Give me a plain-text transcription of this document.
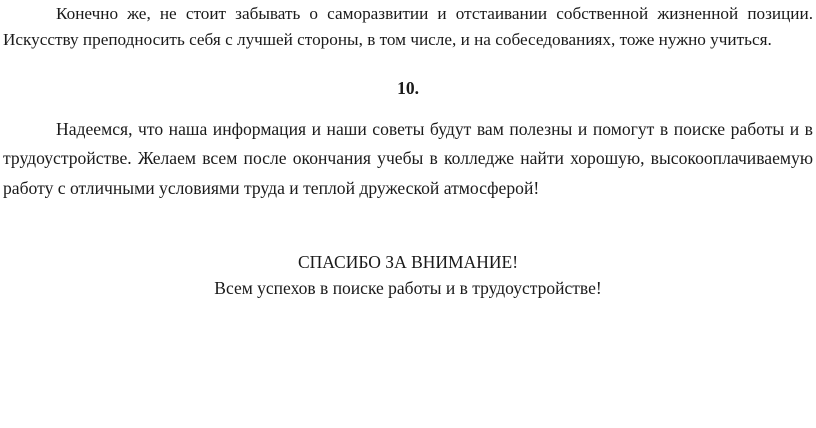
Конечно же, не стоит забывать о саморазвитии и отстаивании собственной жизненной позиции. Искусству преподносить себя с лучшей стороны, в том числе, и на собеседованиях, тоже нужно учиться.

10.

Надеемся, что наша информация и наши советы будут вам полезны и помогут в поиске работы и в трудоустройстве. Желаем всем после окончания учебы в колледже найти хорошую, высокооплачиваемую работу с отличными условиями труда и теплой дружеской атмосферой!

СПАСИБО ЗА ВНИМАНИЕ!

Всем успехов в поиске работы и в трудоустройстве!
